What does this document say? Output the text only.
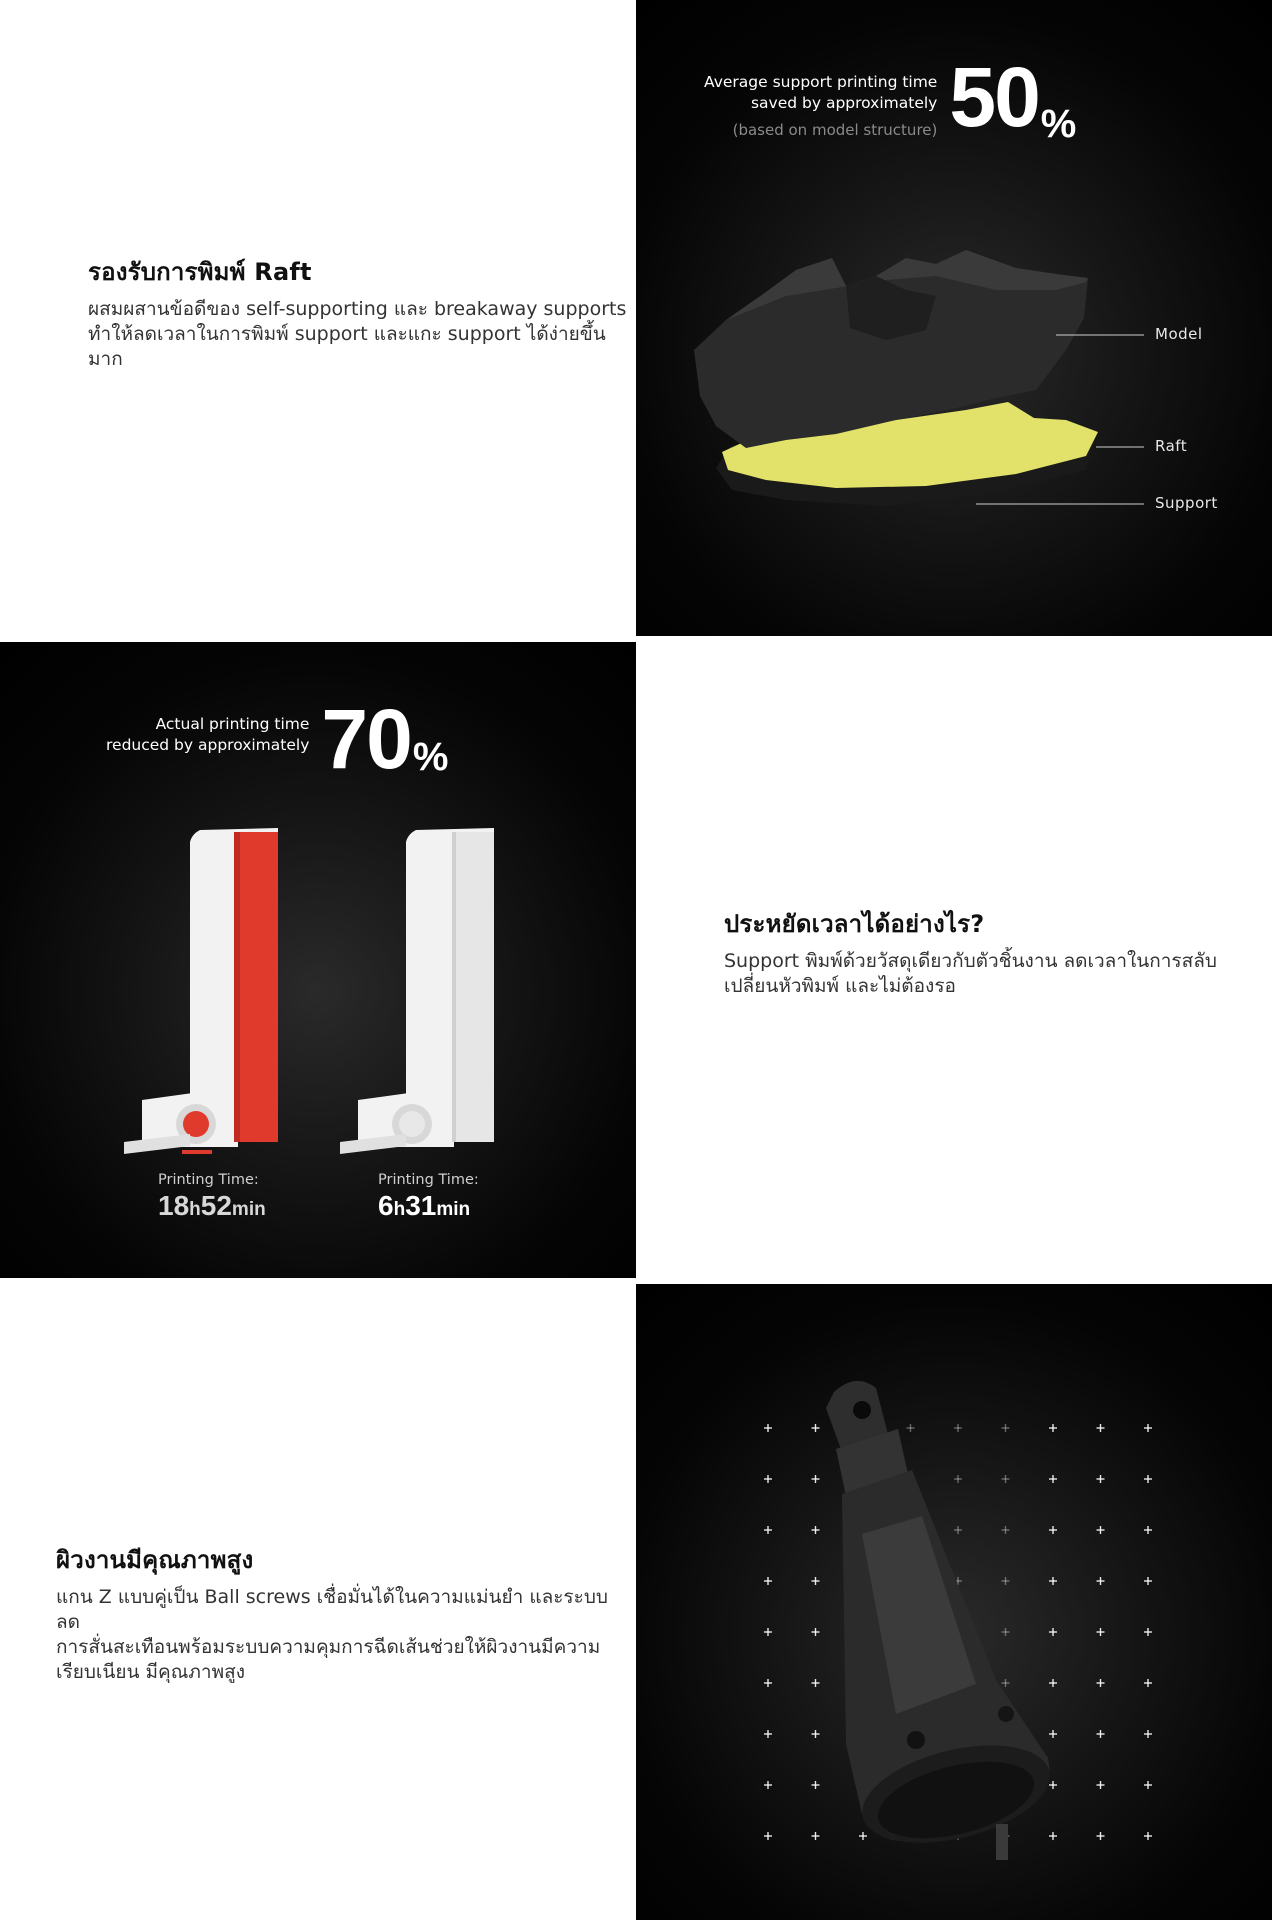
รองรับการพิมพ์ Raft

ผสมผสานข้อดีของ self-supporting และ breakaway supports

ทำให้ลดเวลาในการพิมพ์ support และแกะ support ได้ง่ายขึ้นมาก

Average support printing time
saved by approximately
(based on model structure) 50 %
Model
Raft
Support
Actual printing time
reduced by approximately 70 %
Printing Time:
18h52min
Printing Time:
6h31min
ประหยัดเวลาได้อย่างไร?

Support พิมพ์ด้วยวัสดุเดียวกับตัวชิ้นงาน ลดเวลาในการสลับ

เปลี่ยนหัวพิมพ์ และไม่ต้องรอ

ผิวงานมีคุณภาพสูง

แกน Z แบบคู่เป็น Ball screws เชื่อมั่นได้ในความแม่นยำ และระบบลด

การสั่นสะเทือนพร้อมระบบความคุมการฉีดเส้นช่วยให้ผิวงานมีความ

เรียบเนียน มีคุณภาพสูง
